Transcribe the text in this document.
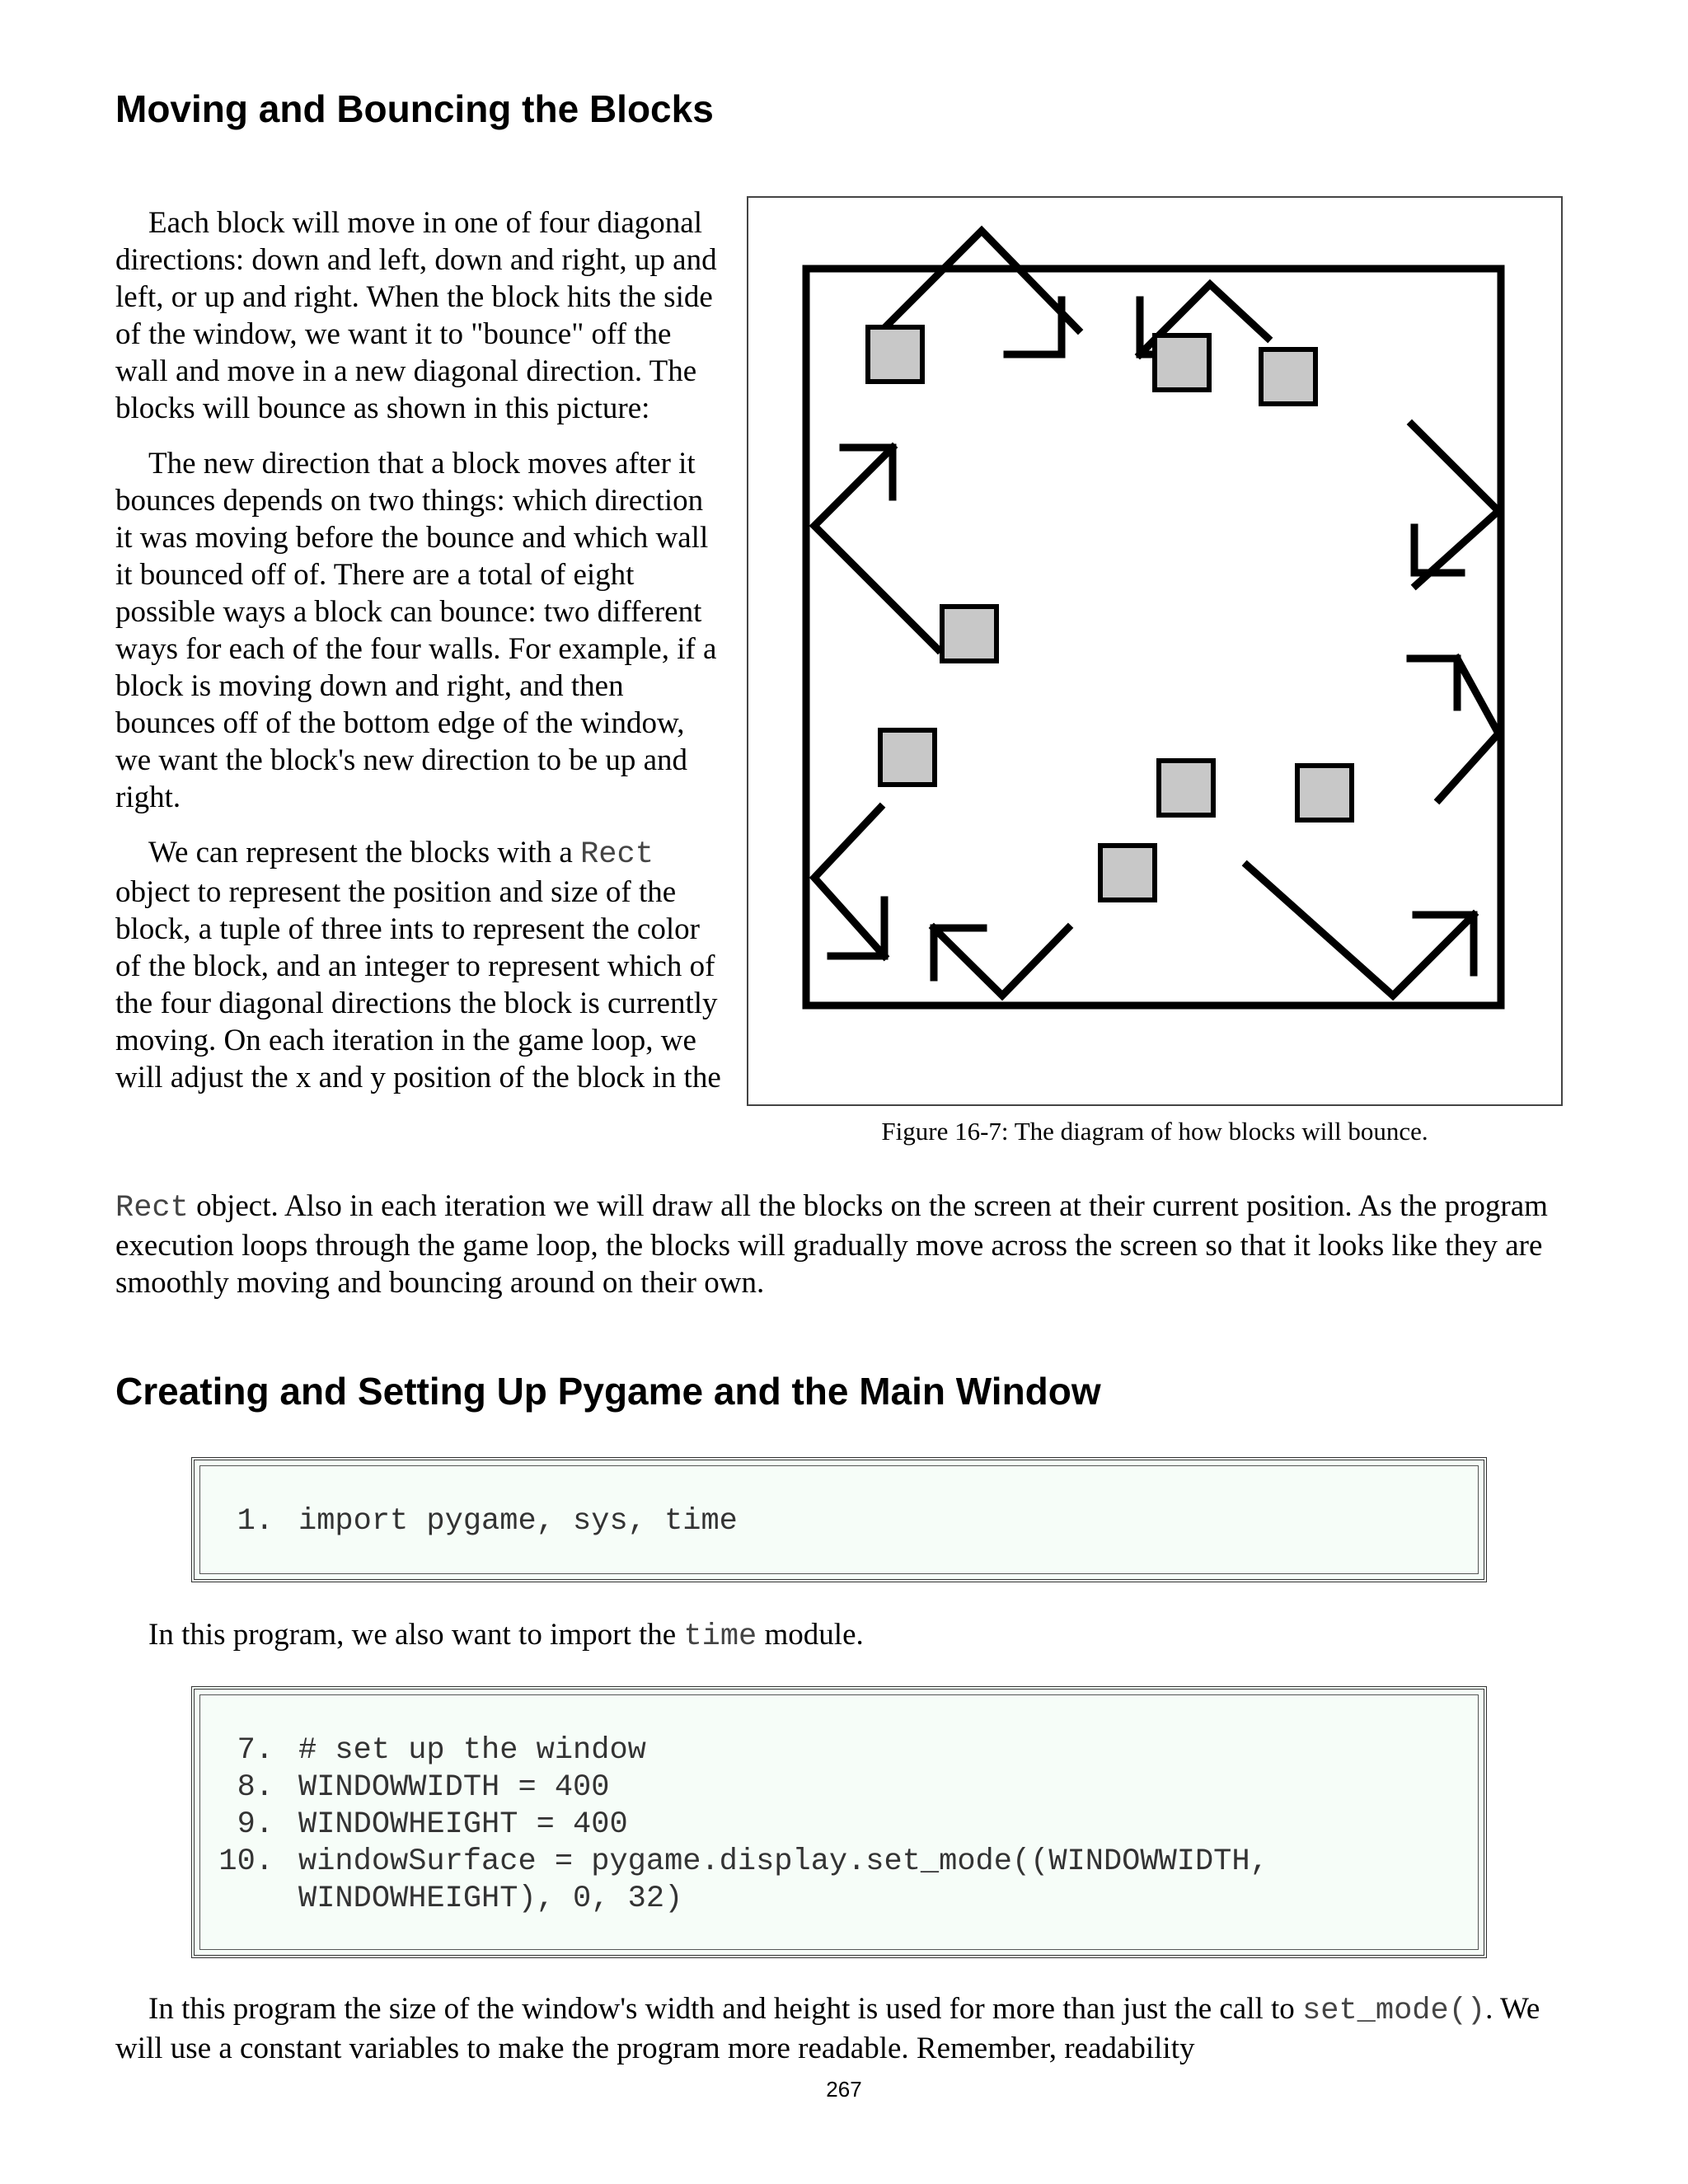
Moving and Bouncing the Blocks

Each block will move in one of four diagonal directions: down and left, down and right, up and left, or up and right. When the block hits the side of the window, we want it to "bounce" off the wall and move in a new diagonal direction. The blocks will bounce as shown in this picture:

The new direction that a block moves after it bounces depends on two things: which direction it was moving before the bounce and which wall it bounced off of. There are a total of eight possible ways a block can bounce: two different ways for each of the four walls. For example, if a block is moving down and right, and then bounces off of the bottom edge of the window, we want the block's new direction to be up and right.

We can represent the blocks with a Rect object to represent the position and size of the block, a tuple of three ints to represent the color of the block, and an integer to represent which of the four diagonal directions the block is currently moving. On each iteration in the game loop, we will adjust the x and y position of the block in the

Rect object. Also in each iteration we will draw all the blocks on the screen at their current position. As the program execution loops through the game loop, the blocks will gradually move across the screen so that it looks like they are smoothly moving and bouncing around on their own.

Figure 16-7: The diagram of how blocks will bounce.
Creating and Setting Up Pygame and the Main Window
1. import pygame, sys, time

In this program, we also want to import the time module.

7. # set up the window
8. WINDOWWIDTH = 400
9. WINDOWHEIGHT = 400
10. windowSurface = pygame.display.set_mode((WINDOWWIDTH,
WINDOWHEIGHT), 0, 32)

In this program the size of the window's width and height is used for more than just the call to set_mode(). We will use a constant variables to make the program more readable. Remember, readability

267
